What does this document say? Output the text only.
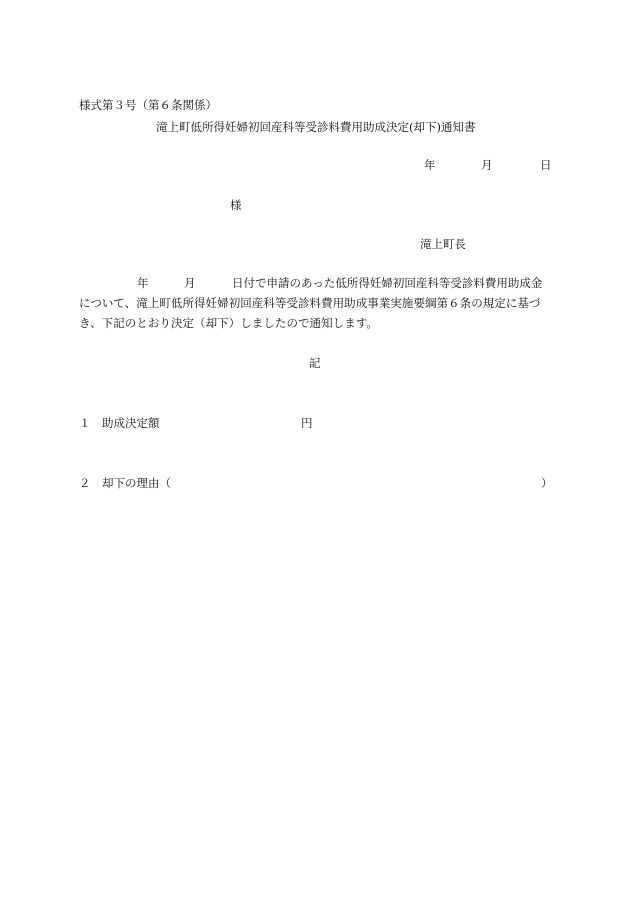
様式第３号（第６条関係）
滝上町低所得妊婦初回産科等受診料費用助成決定(却下)通知書
年	月	日
様
滝上町長
年	月	日付で申請のあった低所得妊婦初回産科等受診料費用助成金
について、滝上町低所得妊婦初回産科等受診料費用助成事業実施要綱第６条の規定に基づ
き、下記のとおり決定（却下）しましたので通知します。
記
１ 助成決定額	円
２ 却下の理由（	）
